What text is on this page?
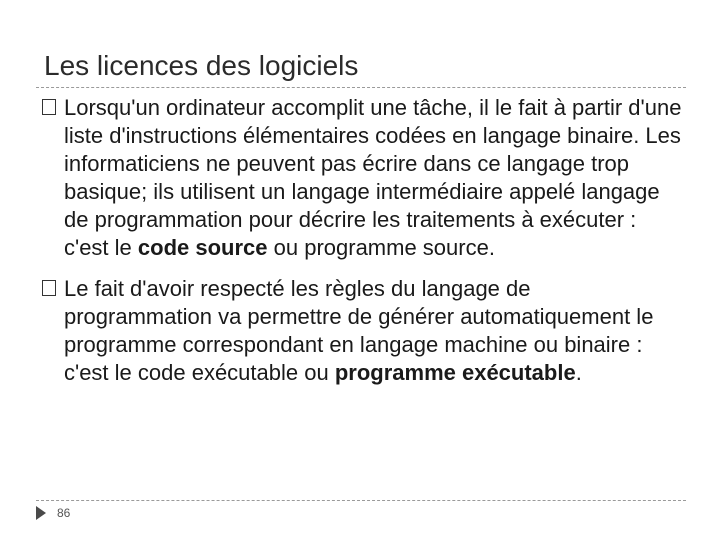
Les licences des logiciels
Lorsqu'un ordinateur accomplit une tâche, il le fait à partir d'une liste d'instructions élémentaires codées en langage binaire. Les informaticiens ne peuvent pas écrire dans ce langage trop basique; ils utilisent un langage intermédiaire appelé langage de programmation pour décrire les traitements à exécuter : c'est le code source ou programme source.
Le fait d'avoir respecté les règles du langage de programmation va permettre de générer automatiquement le programme correspondant en langage machine ou binaire : c'est le code exécutable ou programme exécutable.
86
